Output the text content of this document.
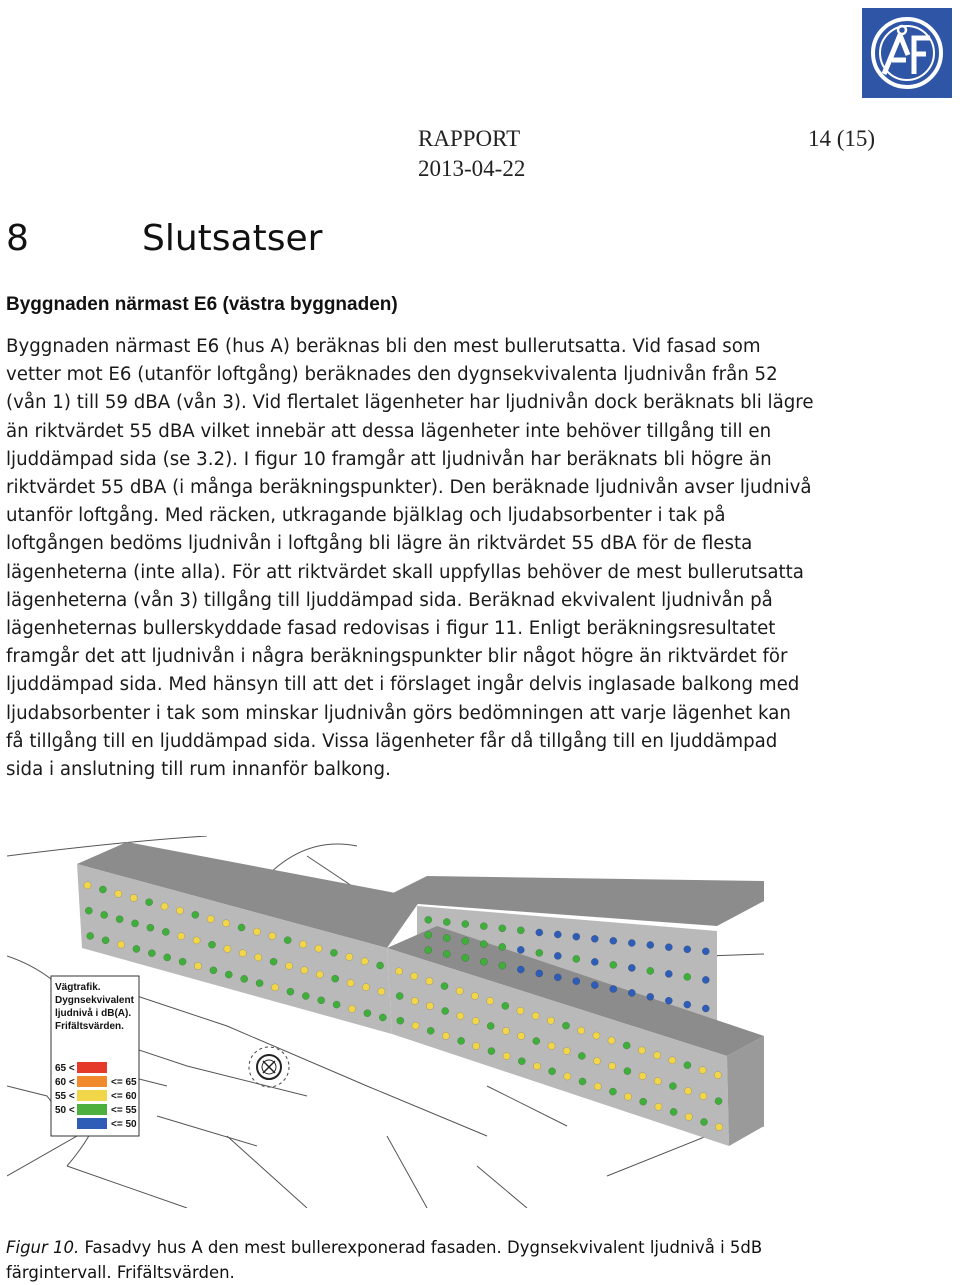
RAPPORT
2013-04-22
14 (15)
8	Slutsatser
Byggnaden närmast E6 (västra byggnaden)
Byggnaden närmast E6 (hus A) beräknas bli den mest bullerutsatta. Vid fasad som
vetter mot E6 (utanför loftgång) beräknades den dygnsekvivalenta ljudnivån från 52
(vån 1) till 59 dBA (vån 3). Vid flertalet lägenheter har ljudnivån dock beräknats bli lägre
än riktvärdet 55 dBA vilket innebär att dessa lägenheter inte behöver tillgång till en
ljuddämpad sida (se 3.2). I figur 10 framgår att ljudnivån har beräknats bli högre än
riktvärdet 55 dBA (i många beräkningspunkter). Den beräknade ljudnivån avser ljudnivå
utanför loftgång. Med räcken, utkragande bjälklag och ljudabsorbenter i tak på
loftgången bedöms ljudnivån i loftgång bli lägre än riktvärdet 55 dBA för de flesta
lägenheterna (inte alla). För att riktvärdet skall uppfyllas behöver de mest bullerutsatta
lägenheterna (vån 3) tillgång till ljuddämpad sida. Beräknad ekvivalent ljudnivån på
lägenheternas bullerskyddade fasad redovisas i figur 11. Enligt beräkningsresultatet
framgår det att ljudnivån i några beräkningspunkter blir något högre än riktvärdet för
ljuddämpad sida. Med hänsyn till att det i förslaget ingår delvis inglasade balkong med
ljudabsorbenter i tak som minskar ljudnivån görs bedömningen att varje lägenhet kan
få tillgång till en ljuddämpad sida. Vissa lägenheter får då tillgång till en ljuddämpad
sida i anslutning till rum innanför balkong.
Vägtrafik.
Dygnsekvivalent
ljudnivå i dB(A).
Frifältsvärden.
65 <
60 <	<= 65
55 <	<= 60
50 <	<= 55
<= 50
Figur 10. Fasadvy hus A den mest bullerexponerad fasaden. Dygnsekvivalent ljudnivå i 5dB
färgintervall. Frifältsvärden.
